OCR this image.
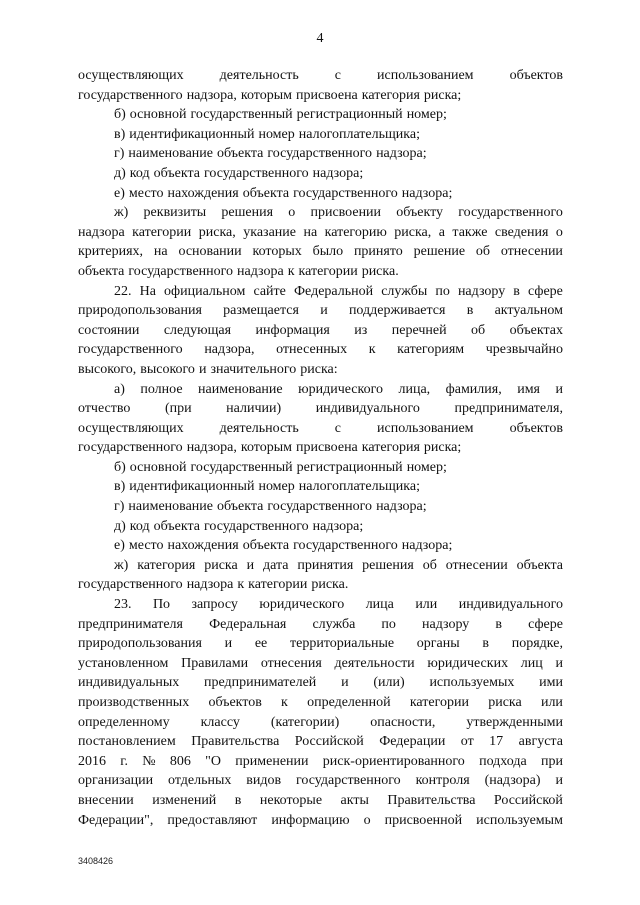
4
осуществляющих	деятельность	с	использованием	объектов
государственного надзора, которым присвоена категория риска;
б) основной государственный регистрационный номер;
в) идентификационный номер налогоплательщика;
г) наименование объекта государственного надзора;
д) код объекта государственного надзора;
е) место нахождения объекта государственного надзора;
ж) реквизиты решения о присвоении объекту государственного
надзора категории риска, указание на категорию риска, а также сведения о
критериях, на основании которых было принято решение об отнесении
объекта государственного надзора к категории риска.
22. На официальном сайте Федеральной службы по надзору в сфере
природопользования размещается и поддерживается в актуальном
состоянии следующая информация из перечней об объектах
государственного надзора, отнесенных к категориям чрезвычайно
высокого, высокого и значительного риска:
а) полное наименование юридического лица, фамилия, имя и
отчество (при наличии) индивидуального предпринимателя,
осуществляющих	деятельность	с	использованием	объектов
государственного надзора, которым присвоена категория риска;
б) основной государственный регистрационный номер;
в) идентификационный номер налогоплательщика;
г) наименование объекта государственного надзора;
д) код объекта государственного надзора;
е) место нахождения объекта государственного надзора;
ж) категория риска и дата принятия решения об отнесении объекта
государственного надзора к категории риска.
23. По запросу юридического лица или индивидуального
предпринимателя Федеральная служба по надзору в сфере
природопользования и ее территориальные органы в порядке,
установленном Правилами отнесения деятельности юридических лиц и
индивидуальных предпринимателей и (или) используемых ими
производственных объектов к определенной категории риска или
определенному классу (категории) опасности, утвержденными
постановлением Правительства Российской Федерации от 17 августа
2016 г. № 806 "О применении риск-ориентированного подхода при
организации отдельных видов государственного контроля (надзора) и
внесении изменений в некоторые акты Правительства Российской
Федерации", предоставляют информацию о присвоенной используемым
3408426
